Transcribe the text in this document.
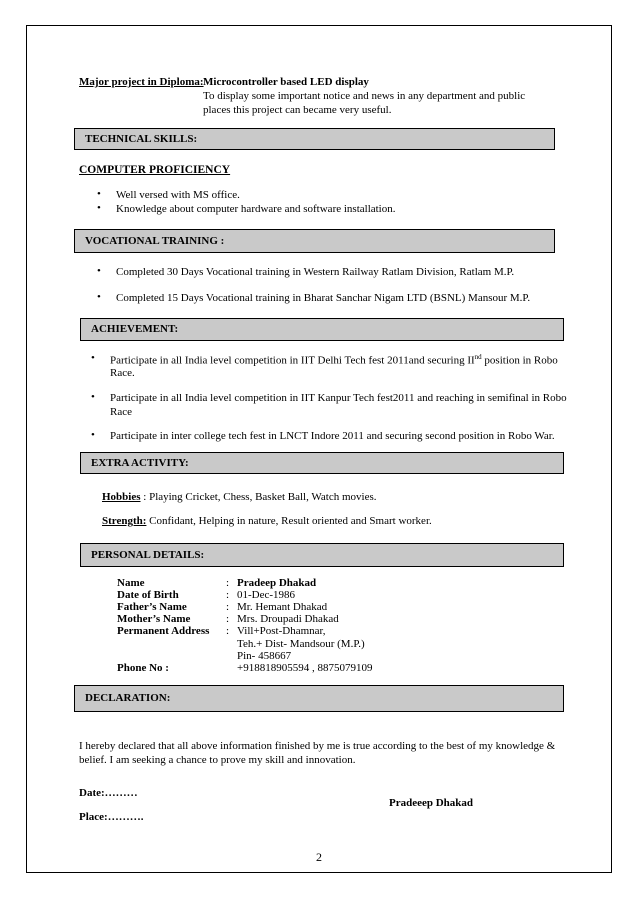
Major project in Diploma: Microcontroller based LED display
To display some important notice and news in any department and public
places this project can became very useful.
TECHNICAL SKILLS:
COMPUTER PROFICIENCY
• Well versed with MS office.
• Knowledge about computer hardware and software installation.
VOCATIONAL TRAINING :
• Completed 30 Days Vocational training in Western Railway Ratlam Division, Ratlam M.P.
• Completed 15 Days Vocational training in Bharat Sanchar Nigam LTD (BSNL) Mansour M.P.
ACHIEVEMENT:
• Participate in all India level competition in IIT Delhi Tech fest 2011and securing IInd position in Robo
Race.
• Participate in all India level competition in IIT Kanpur Tech fest2011 and reaching in semifinal in Robo
Race
• Participate in inter college tech fest in LNCT Indore 2011 and securing second position in Robo War.
EXTRA ACTIVITY:
Hobbies : Playing Cricket, Chess, Basket Ball, Watch movies.
Strength: Confidant, Helping in nature, Result oriented and Smart worker.
PERSONAL DETAILS:
Name
Date of Birth
Father’s Name
Mother’s Name
Permanent Address
:
:
:
:
:
Pradeep Dhakad
01-Dec-1986
Mr. Hemant Dhakad
Mrs. Droupadi Dhakad
Vill+Post-Dhamnar,
Teh.+ Dist- Mandsour (M.P.)
Pin- 458667
Phone No :	+918818905594 , 8875079109
DECLARATION:
I hereby declared that all above information finished by me is true according to the best of my knowledge &
belief. I am seeking a chance to prove my skill and innovation.
Date:………
Pradeeep Dhakad
Place:……….
2
